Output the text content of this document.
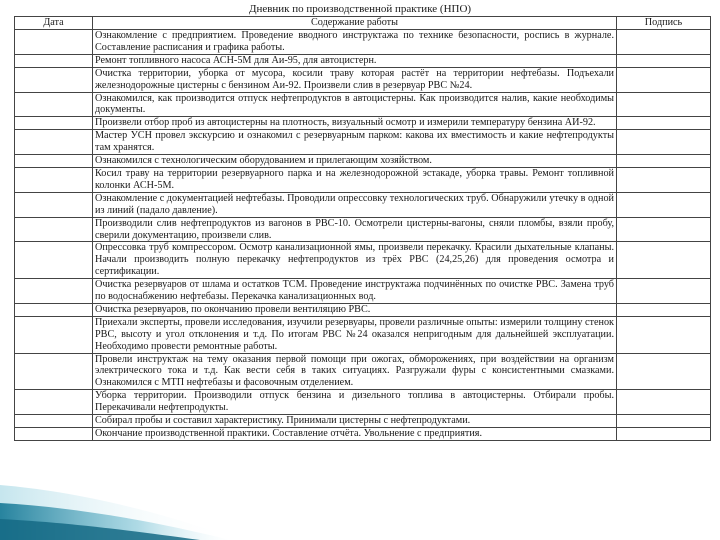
Дневник по производственной практике (НПО)
Дата	Содержание работы	Подпись
	Ознакомление с предприятием. Проведение вводного инструктажа по технике безопасности, роспись в журнале. Составление расписания и графика работы.	
	Ремонт топливного насоса АСН-5М для Аи-95, для автоцистерн.	
	Очистка территории, уборка от мусора, косили траву которая растёт на территории нефтебазы. Подъехали железнодорожные цистерны с бензином Аи-92. Произвели слив в резервуар РВС №24.	
	Ознакомился, как производится отпуск нефтепродуктов в автоцистерны. Как производится налив, какие необходимы документы.	
	Произвели отбор проб из автоцистерны на плотность, визуальный осмотр и измерили температуру бензина АИ-92.	
	Мастер УСН провел экскурсию и ознакомил с резервуарным парком: какова их вместимость и какие нефтепродукты там хранятся.	
	Ознакомился с технологическим оборудованием и прилегающим хозяйством.	
	Косил траву на территории резервуарного парка и на железнодорожной эстакаде, уборка травы. Ремонт топливной колонки АСН-5М.	
	Ознакомление с документацией нефтебазы. Проводили опрессовку технологических труб. Обнаружили утечку в одной из линий (падало давление).	
	Производили слив нефтепродуктов из вагонов в РВС-10. Осмотрели цистерны-вагоны, сняли пломбы, взяли пробу, сверили документацию, произвели слив.	
	Опрессовка труб компрессором. Осмотр канализационной ямы, произвели перекачку. Красили дыхательные клапаны. Начали производить полную перекачку нефтепродуктов из трёх РВС (24,25,26) для проведения осмотра и сертификации.	
	Очистка резервуаров от шлама и остатков ТСМ. Проведение инструктажа подчинённых по очистке РВС. Замена труб по водоснабжению нефтебазы. Перекачка канализационных вод.	
	Очистка резервуаров, по окончанию провели вентиляцию РВС.	
	Приехали эксперты, провели исследования, изучили резервуары, провели различные опыты: измерили толщину стенок РВС, высоту и угол отклонения и т.д. По итогам РВС №24 оказался непригодным для дальнейшей эксплуатации. Необходимо провести ремонтные работы.	
	Провели инструктаж на тему оказания первой помощи при ожогах, обморожениях, при воздействии на организм электрического тока и т.д. Как вести себя в таких ситуациях. Разгружали фуры с консистентными смазками. Ознакомился с МТП нефтебазы и фасовочным отделением.	
	Уборка территории. Производили отпуск бензина и дизельного топлива в автоцистерны. Отбирали пробы. Перекачивали нефтепродукты.	
	Собирал пробы и составил характеристику. Принимали цистерны с нефтепродуктами.	
	Окончание производственной практики. Составление отчёта. Увольнение с предприятия.	
